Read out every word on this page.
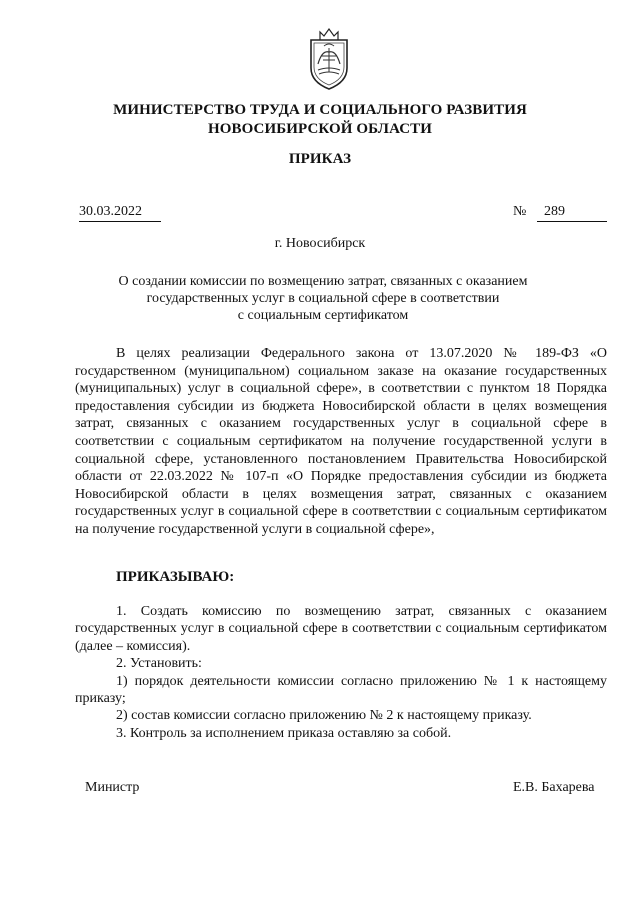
МИНИСТЕРСТВО ТРУДА И СОЦИАЛЬНОГО РАЗВИТИЯ
НОВОСИБИРСКОЙ ОБЛАСТИ
ПРИКАЗ
30.03.2022	№ 289
г. Новосибирск
О создании комиссии по возмещению затрат, связанных с оказанием
государственных услуг в социальной сфере в соответствии
с социальным сертификатом
В целях реализации Федерального закона от 13.07.2020 № 189-ФЗ «О государственном (муниципальном) социальном заказе на оказание государственных (муниципальных) услуг в социальной сфере», в соответствии с пунктом 18 Порядка предоставления субсидии из бюджета Новосибирской области в целях возмещения затрат, связанных с оказанием государственных услуг в социальной сфере в соответствии с социальным сертификатом на получение государственной услуги в социальной сфере, установленного постановлением Правительства Новосибирской области от 22.03.2022 № 107-п «О Порядке предоставления субсидии из бюджета Новосибирской области в целях возмещения затрат, связанных с оказанием государственных услуг в социальной сфере в соответствии с социальным сертификатом на получение государственной услуги в социальной сфере»,
ПРИКАЗЫВАЮ:

1. Создать комиссию по возмещению затрат, связанных с оказанием государственных услуг в социальной сфере в соответствии с социальным сертификатом (далее – комиссия).

2. Установить:

1) порядок деятельности комиссии согласно приложению № 1 к настоящему приказу;

2) состав комиссии согласно приложению № 2 к настоящему приказу.

3. Контроль за исполнением приказа оставляю за собой.

Министр	Е.В. Бахарева
